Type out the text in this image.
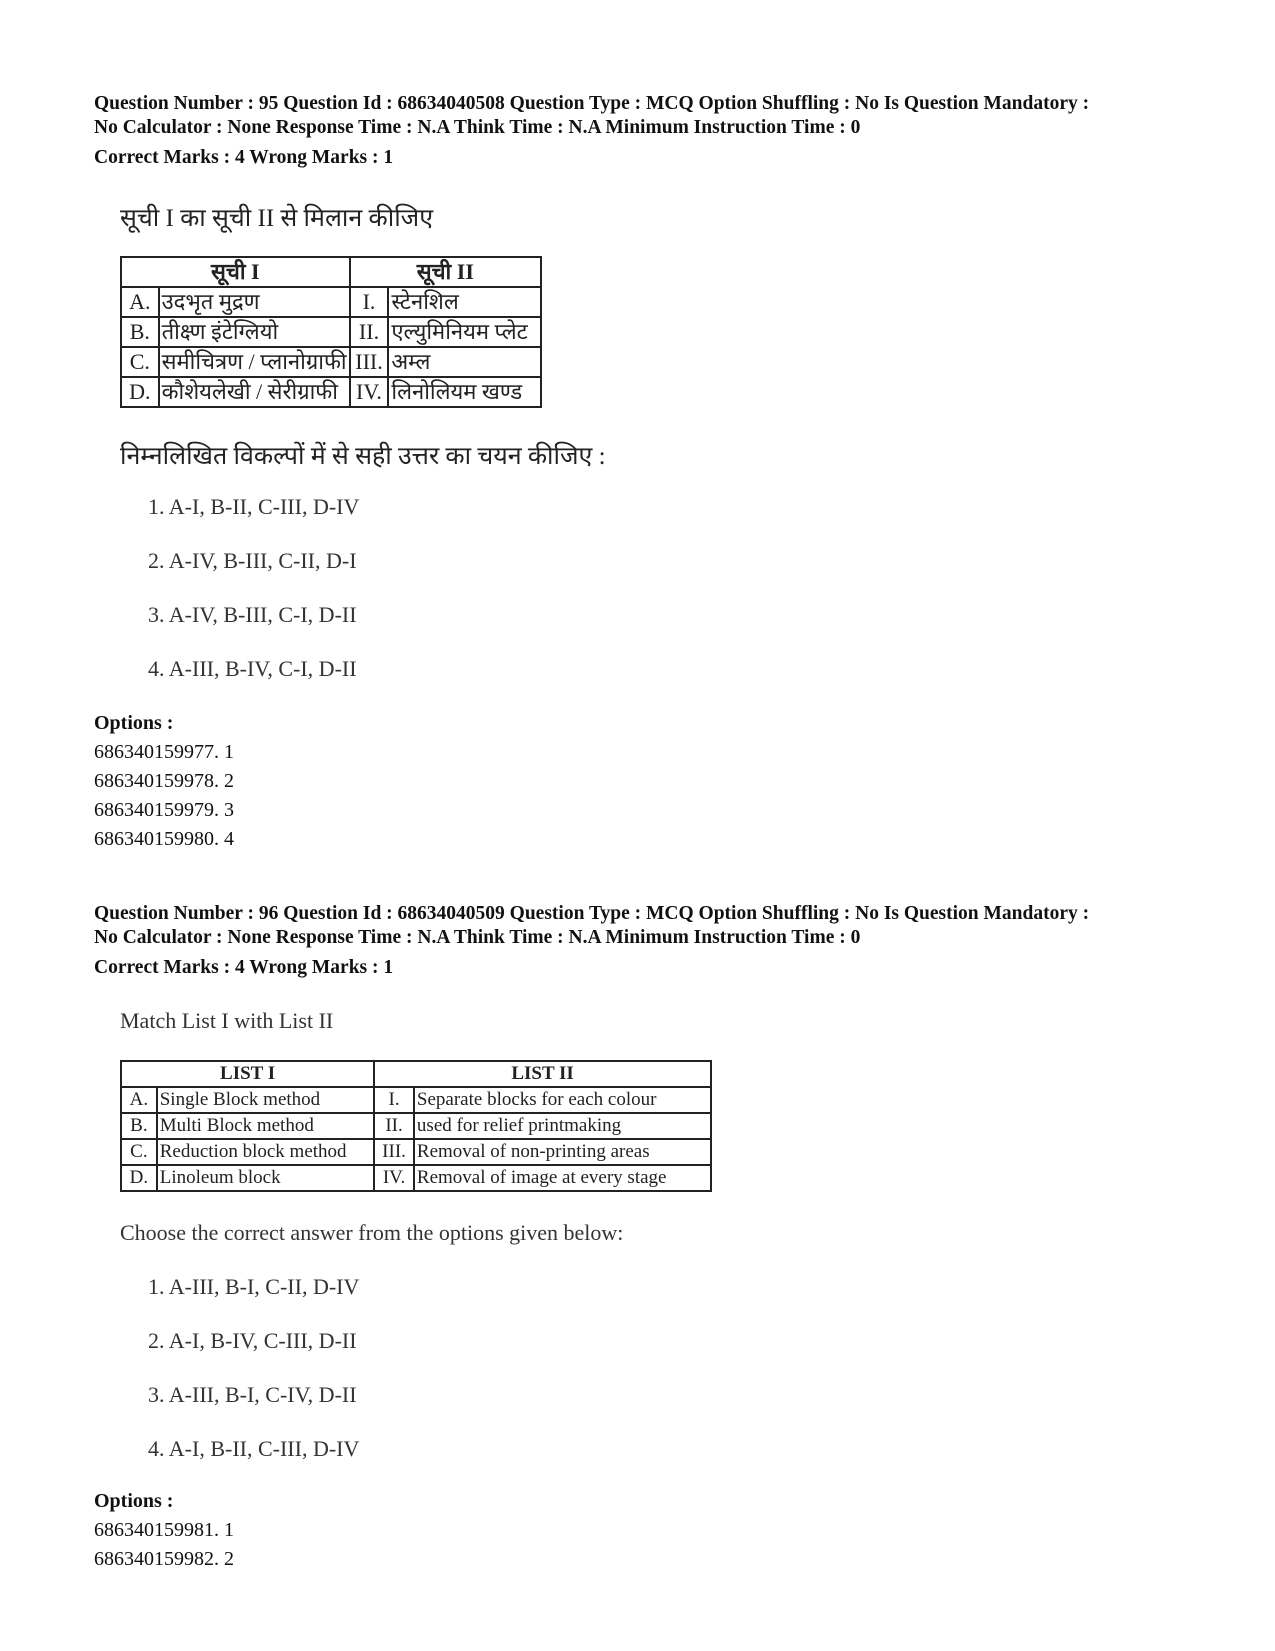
Question Number : 95 Question Id : 68634040508 Question Type : MCQ Option Shuffling : No Is Question Mandatory :
No Calculator : None Response Time : N.A Think Time : N.A Minimum Instruction Time : 0
Correct Marks : 4 Wrong Marks : 1
सूची I का सूची II से मिलान कीजिए
सूची I		सूची II	
A.	उदभृत मुद्रण	I.	स्टेनशिल
B.	तीक्ष्ण इंटेग्लियो	II.	एल्युमिनियम प्लेट
C.	समीचित्रण / प्लानोग्राफी	III.	अम्ल
D.	कौशेयलेखी / सेरीग्राफी	IV.	लिनोलियम खण्ड
निम्नलिखित विकल्पों में से सही उत्तर का चयन कीजिए :
1. A-I, B-II, C-III, D-IV
2. A-IV, B-III, C-II, D-I
3. A-IV, B-III, C-I, D-II
4. A-III, B-IV, C-I, D-II
Options :
686340159977. 1
686340159978. 2
686340159979. 3
686340159980. 4
Question Number : 96 Question Id : 68634040509 Question Type : MCQ Option Shuffling : No Is Question Mandatory :
No Calculator : None Response Time : N.A Think Time : N.A Minimum Instruction Time : 0
Correct Marks : 4 Wrong Marks : 1
Match List I with List II
LIST I		LIST II	
A.	Single Block method	I.	Separate blocks for each colour
B.	Multi Block method	II.	used for relief printmaking
C.	Reduction block method	III.	Removal of non-printing areas
D.	Linoleum block	IV.	Removal of image at every stage
Choose the correct answer from the options given below:
1. A-III, B-I, C-II, D-IV
2. A-I, B-IV, C-III, D-II
3. A-III, B-I, C-IV, D-II
4. A-I, B-II, C-III, D-IV
Options :
686340159981. 1
686340159982. 2
